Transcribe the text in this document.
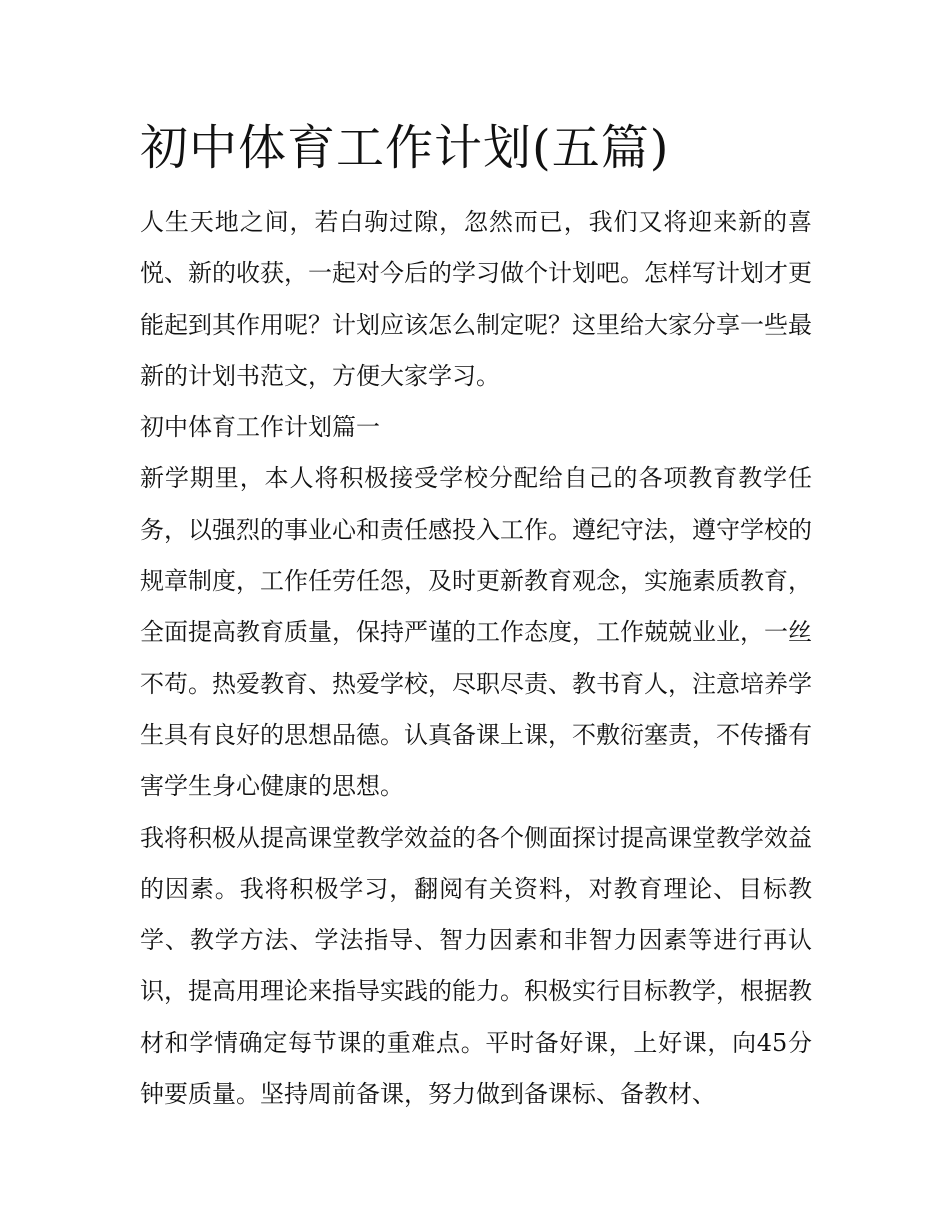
初中体育工作计划(五篇)

人生天地之间，若白驹过隙，忽然而已，我们又将迎来新的喜悦、新的收获，一起对今后的学习做个计划吧。怎样写计划才更能起到其作用呢？计划应该怎么制定呢？这里给大家分享一些最新的计划书范文，方便大家学习。

初中体育工作计划篇一

新学期里，本人将积极接受学校分配给自己的各项教育教学任务，以强烈的事业心和责任感投入工作。遵纪守法，遵守学校的规章制度，工作任劳任怨，及时更新教育观念，实施素质教育，全面提高教育质量，保持严谨的工作态度，工作兢兢业业，一丝不苟。热爱教育、热爱学校，尽职尽责、教书育人，注意培养学生具有良好的思想品德。认真备课上课，不敷衍塞责，不传播有害学生身心健康的思想。

我将积极从提高课堂教学效益的各个侧面探讨提高课堂教学效益的因素。我将积极学习，翻阅有关资料，对教育理论、目标教学、教学方法、学法指导、智力因素和非智力因素等进行再认识，提高用理论来指导实践的能力。积极实行目标教学，根据教材和学情确定每节课的重难点。平时备好课，上好课，向45分钟要质量。坚持周前备课，努力做到备课标、备教材、
